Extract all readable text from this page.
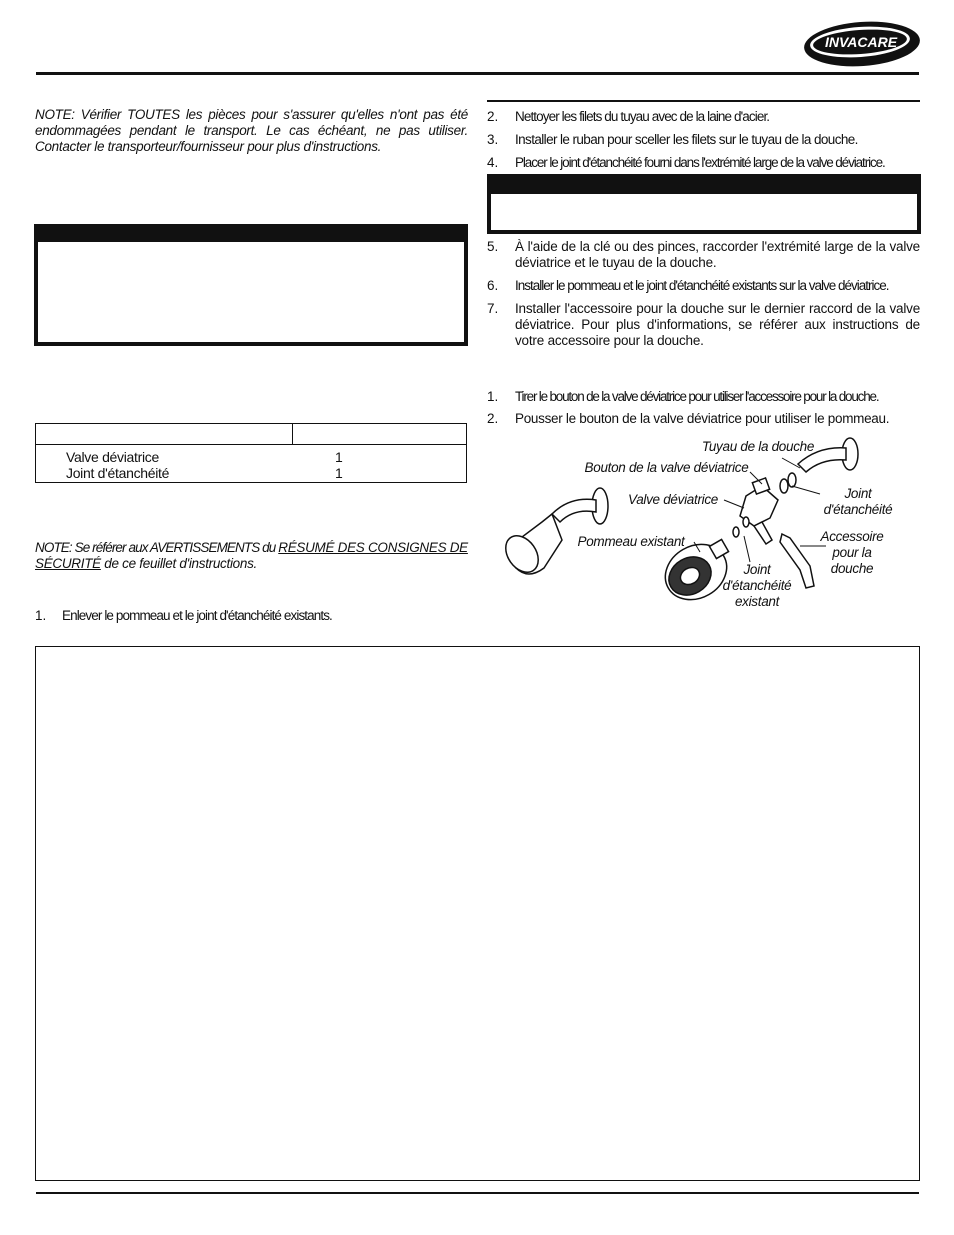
INVACARE
NOTE: Vérifier TOUTES les pièces pour s'assurer qu'elles n'ont pas été endommagées pendant le transport. Le cas échéant, ne pas utiliser. Contacter le transporteur/fournisseur pour plus d'instructions.
Valve déviatrice	1
Joint d'étanchéité	1
NOTE: Se référer aux AVERTISSEMENTS du RÉSUMÉ DES CONSIGNES DE SÉCURITÉ de ce feuillet d'instructions.
1. Enlever le pommeau et le joint d'étanchéité existants.
2. Nettoyer les filets du tuyau avec de la laine d'acier.
3. Installer le ruban pour sceller les filets sur le tuyau de la douche.
4. Placer le joint d'étanchéité fourni dans l'extrémité large de la valve déviatrice.
5. À l'aide de la clé ou des pinces, raccorder l'extrémité large de la valve déviatrice et le tuyau de la douche.
6. Installer le pommeau et le joint d'étanchéité existants sur la valve déviatrice.
7. Installer l'accessoire pour la douche sur le dernier raccord de la valve déviatrice. Pour plus d'informations, se référer aux instructions de votre accessoire pour la douche.
1. Tirer le bouton de la valve déviatrice pour utiliser l'accessoire pour la douche.
2. Pousser le bouton de la valve déviatrice pour utiliser le pommeau.
Tuyau de la douche
Bouton de la valve déviatrice
Valve déviatrice	Joint
d'étanchéité
Accessoire
pour la
douche
Pommeau existant
Joint
d'étanchéité
existant
